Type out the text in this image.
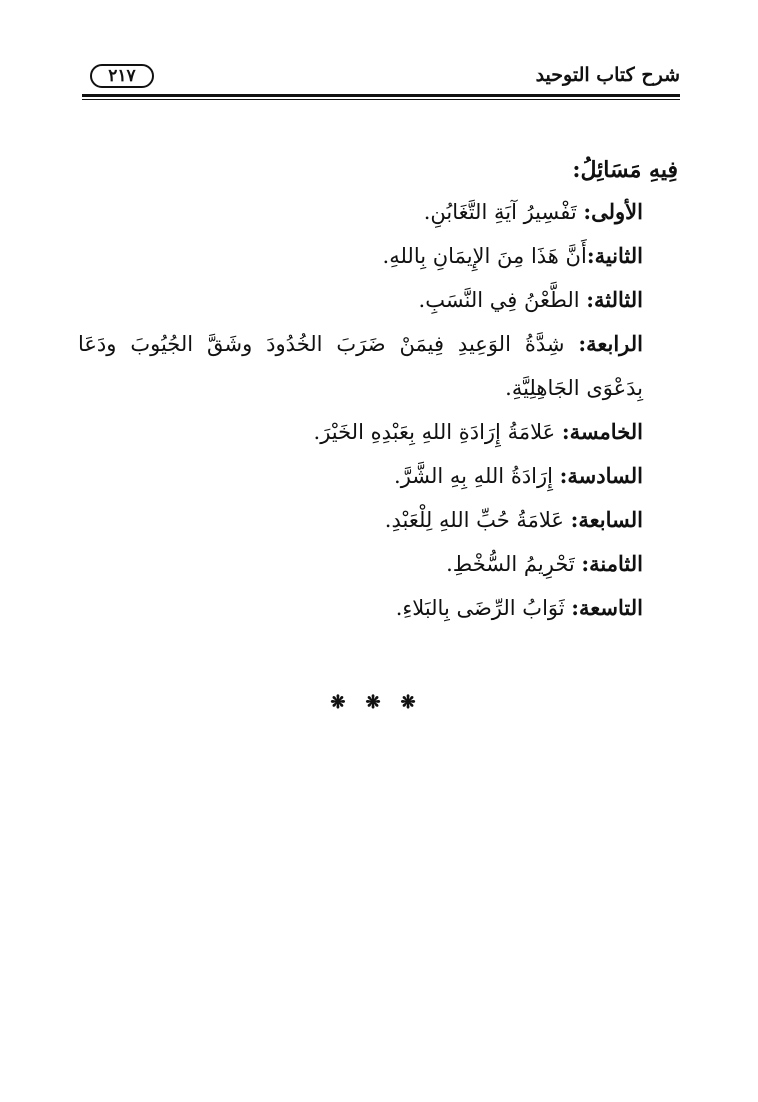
شرح كتاب التوحيد
٢١٧
فِيهِ مَسَائِلُ:
الأولى: تَفْسِيرُ آيَةِ التَّغَابُنِ.
الثانية:أَنَّ هَذَا مِنَ الإِيمَانِ بِاللهِ.
الثالثة: الطَّعْنُ فِي النَّسَبِ.
الرابعة: شِدَّةُ الوَعِيدِ فِيمَنْ ضَرَبَ الخُدُودَ وشَقَّ الجُيُوبَ ودَعَا بِدَعْوَى الجَاهِلِيَّةِ.
الخامسة: عَلامَةُ إِرَادَةِ اللهِ بِعَبْدِهِ الخَيْرَ.
السادسة: إِرَادَةُ اللهِ بِهِ الشَّرَّ.
السابعة: عَلامَةُ حُبِّ اللهِ لِلْعَبْدِ.
الثامنة: تَحْرِيمُ السُّخْطِ.
التاسعة: ثَوَابُ الرِّضَى بِالبَلاءِ.
❋ ❋ ❋
